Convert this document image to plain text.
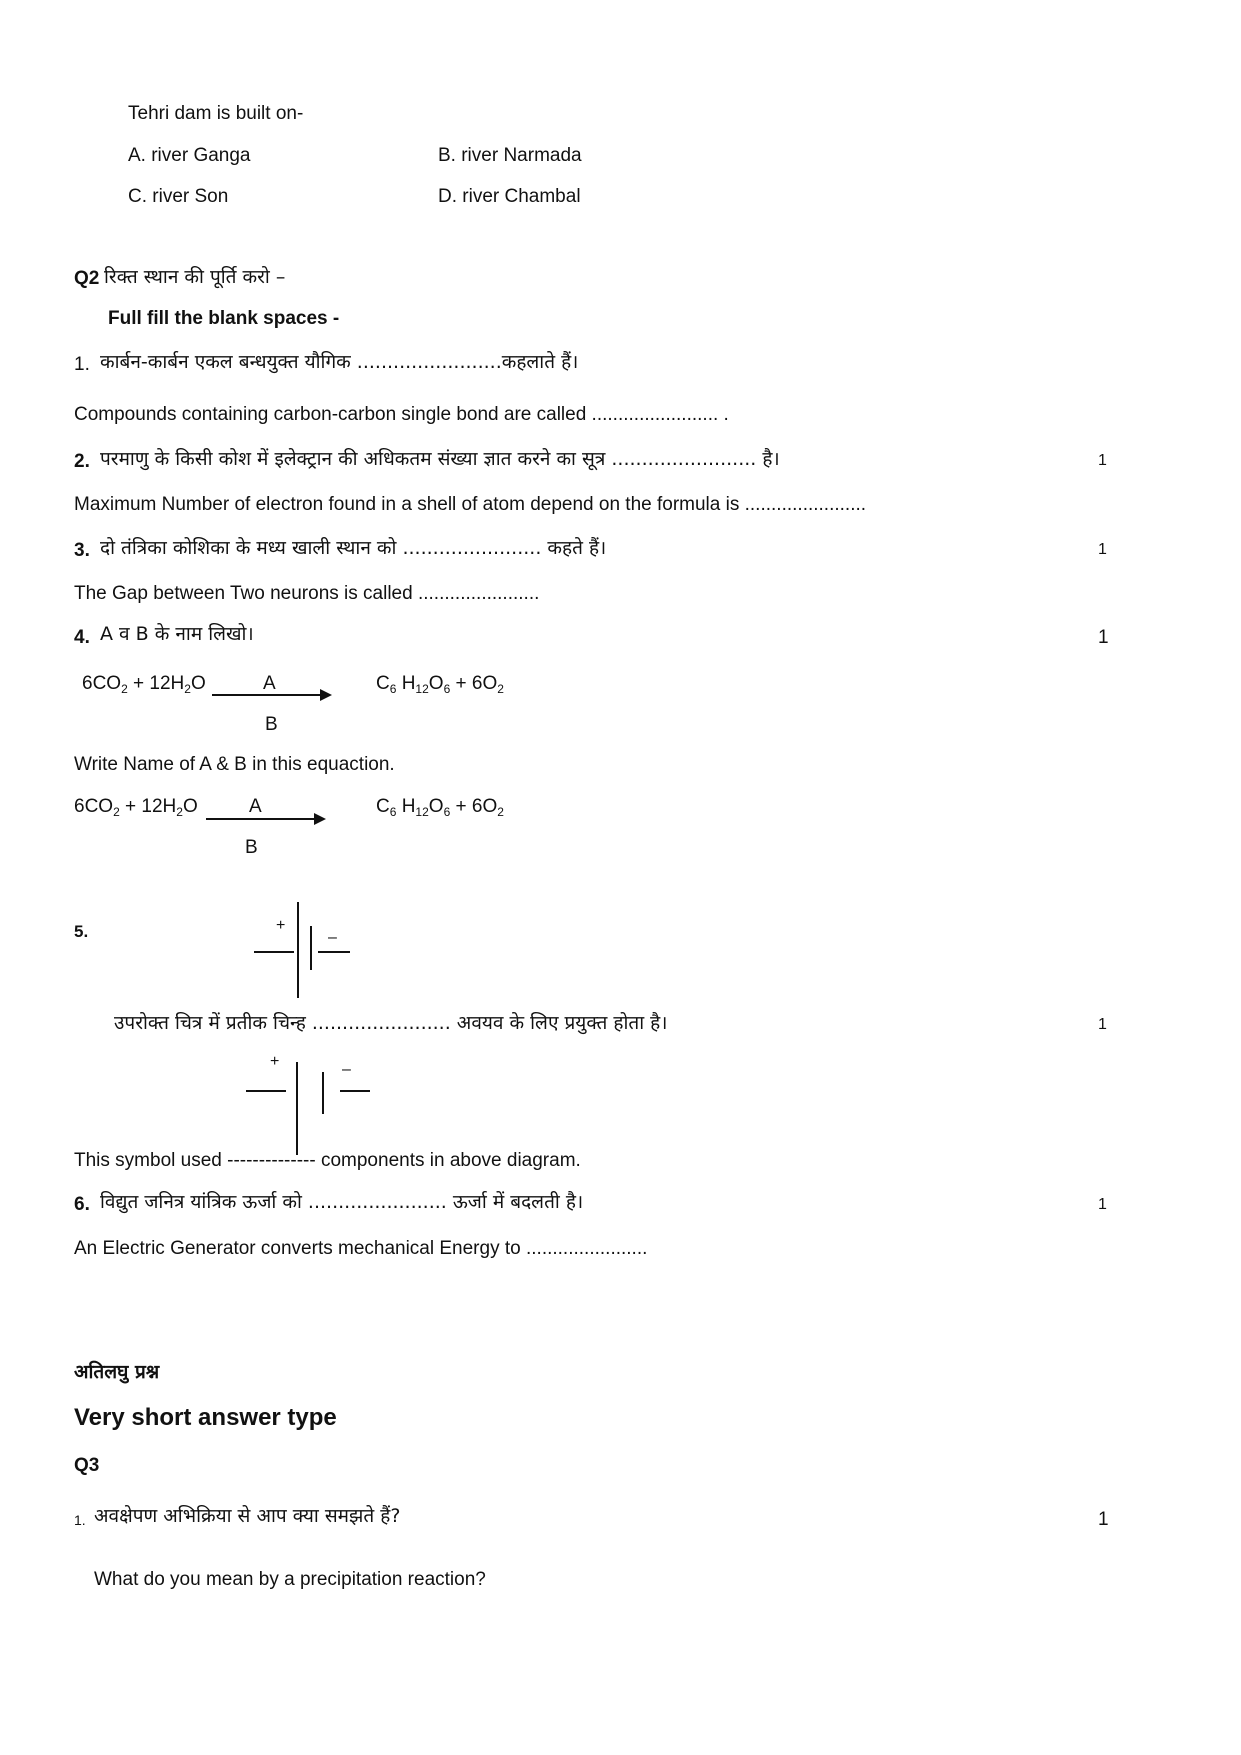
Tehri dam is built on-
A. river Ganga	B. river Narmada
C. river Son	D. river Chambal
Q2 रिक्त स्थान की पूर्ति करो –
Full fill the blank spaces -
1. कार्बन-कार्बन एकल बन्धयुक्त यौगिक ........................कहलाते हैं।
Compounds containing carbon-carbon single bond are called ........................ .
2. परमाणु के किसी कोश में इलेक्ट्रान की अधिकतम संख्या ज्ञात करने का सूत्र ........................ है।	1
Maximum Number of electron found in a shell of atom depend on the formula is .......................
3. दो तंत्रिका कोशिका के मध्य खाली स्थान को ....................... कहते हैं।	1
The Gap between Two neurons is called .......................
4. A व B के नाम लिखो।	1
$6CO_2 + 12H_2O$	A
B
$C_6$ $H_{12}O_6 + 6O_2$
Write Name of A & B in this equaction.
$6CO_2 + 12H_2O$	A
B
$C_6$ $H_{12}O_6 + 6O_2$
5.	+
–
उपरोक्त चित्र में प्रतीक चिन्ह ....................... अवयव के लिए प्रयुक्त होता है।	1
+	–
This symbol used -------------- components in above diagram.
6. विद्युत जनित्र यांत्रिक ऊर्जा को ....................... ऊर्जा में बदलती है।	1
An Electric Generator converts mechanical Energy to .......................
अतिलघु प्रश्न
Very short answer type
Q3
1. अवक्षेपण अभिक्रिया से आप क्या समझते हैं?	1
What do you mean by a precipitation reaction?
